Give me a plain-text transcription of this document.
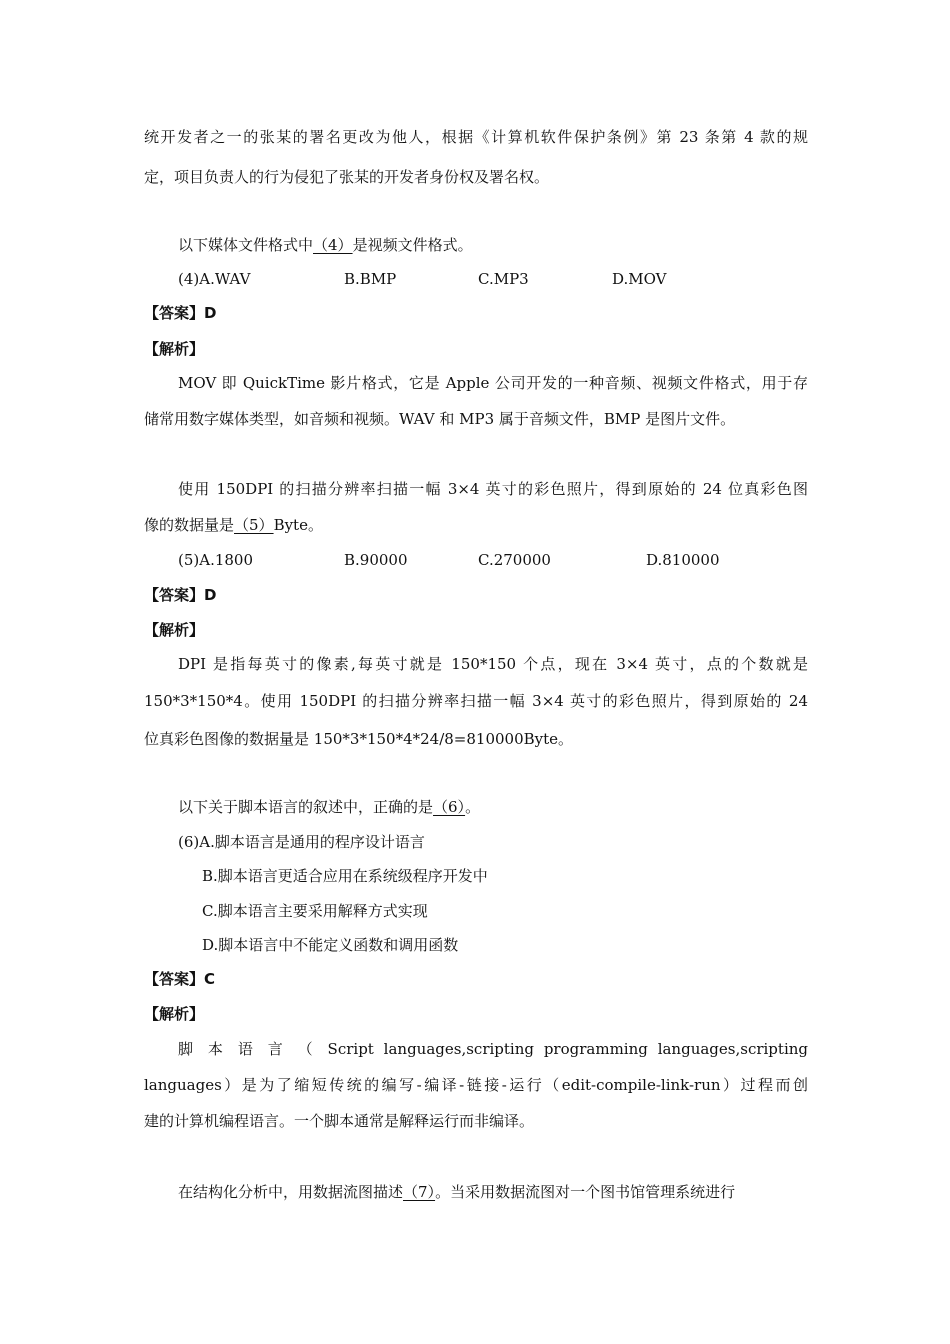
统开发者之一的张某的署名更改为他人，根据《计算机软件保护条例》第 23 条第 4 款的规
定，项目负责人的行为侵犯了张某的开发者身份权及署名权。
以下媒体文件格式中（4）是视频文件格式。
(4)A.WAV	B.BMP	C.MP3	D.MOV
【答案】D
【解析】
MOV 即 QuickTime 影片格式，它是 Apple 公司开发的一种音频、视频文件格式，用于存
储常用数字媒体类型，如音频和视频。WAV 和 MP3 属于音频文件，BMP 是图片文件。
使用 150DPI 的扫描分辨率扫描一幅 3×4 英寸的彩色照片，得到原始的 24 位真彩色图
像的数据量是（5）Byte。
(5)A.1800	B.90000	C.270000	D.810000
【答案】D
【解析】
DPI 是指每英寸的像素,每英寸就是 150*150 个点，现在 3×4 英寸，点的个数就是
150*3*150*4。使用 150DPI 的扫描分辨率扫描一幅 3×4 英寸的彩色照片，得到原始的 24
位真彩色图像的数据量是 150*3*150*4*24/8=810000Byte。
以下关于脚本语言的叙述中，正确的是（6）。
(6)A.脚本语言是通用的程序设计语言
B.脚本语言更适合应用在系统级程序开发中
C.脚本语言主要采用解释方式实现
D.脚本语言中不能定义函数和调用函数
【答案】C
【解析】
脚 本 语 言 （ Script languages,scripting programming languages,scripting
languages）是为了缩短传统的编写-编译-链接-运行（edit-compile-link-run）过程而创
建的计算机编程语言。一个脚本通常是解释运行而非编译。
在结构化分析中，用数据流图描述（7）。当采用数据流图对一个图书馆管理系统进行
